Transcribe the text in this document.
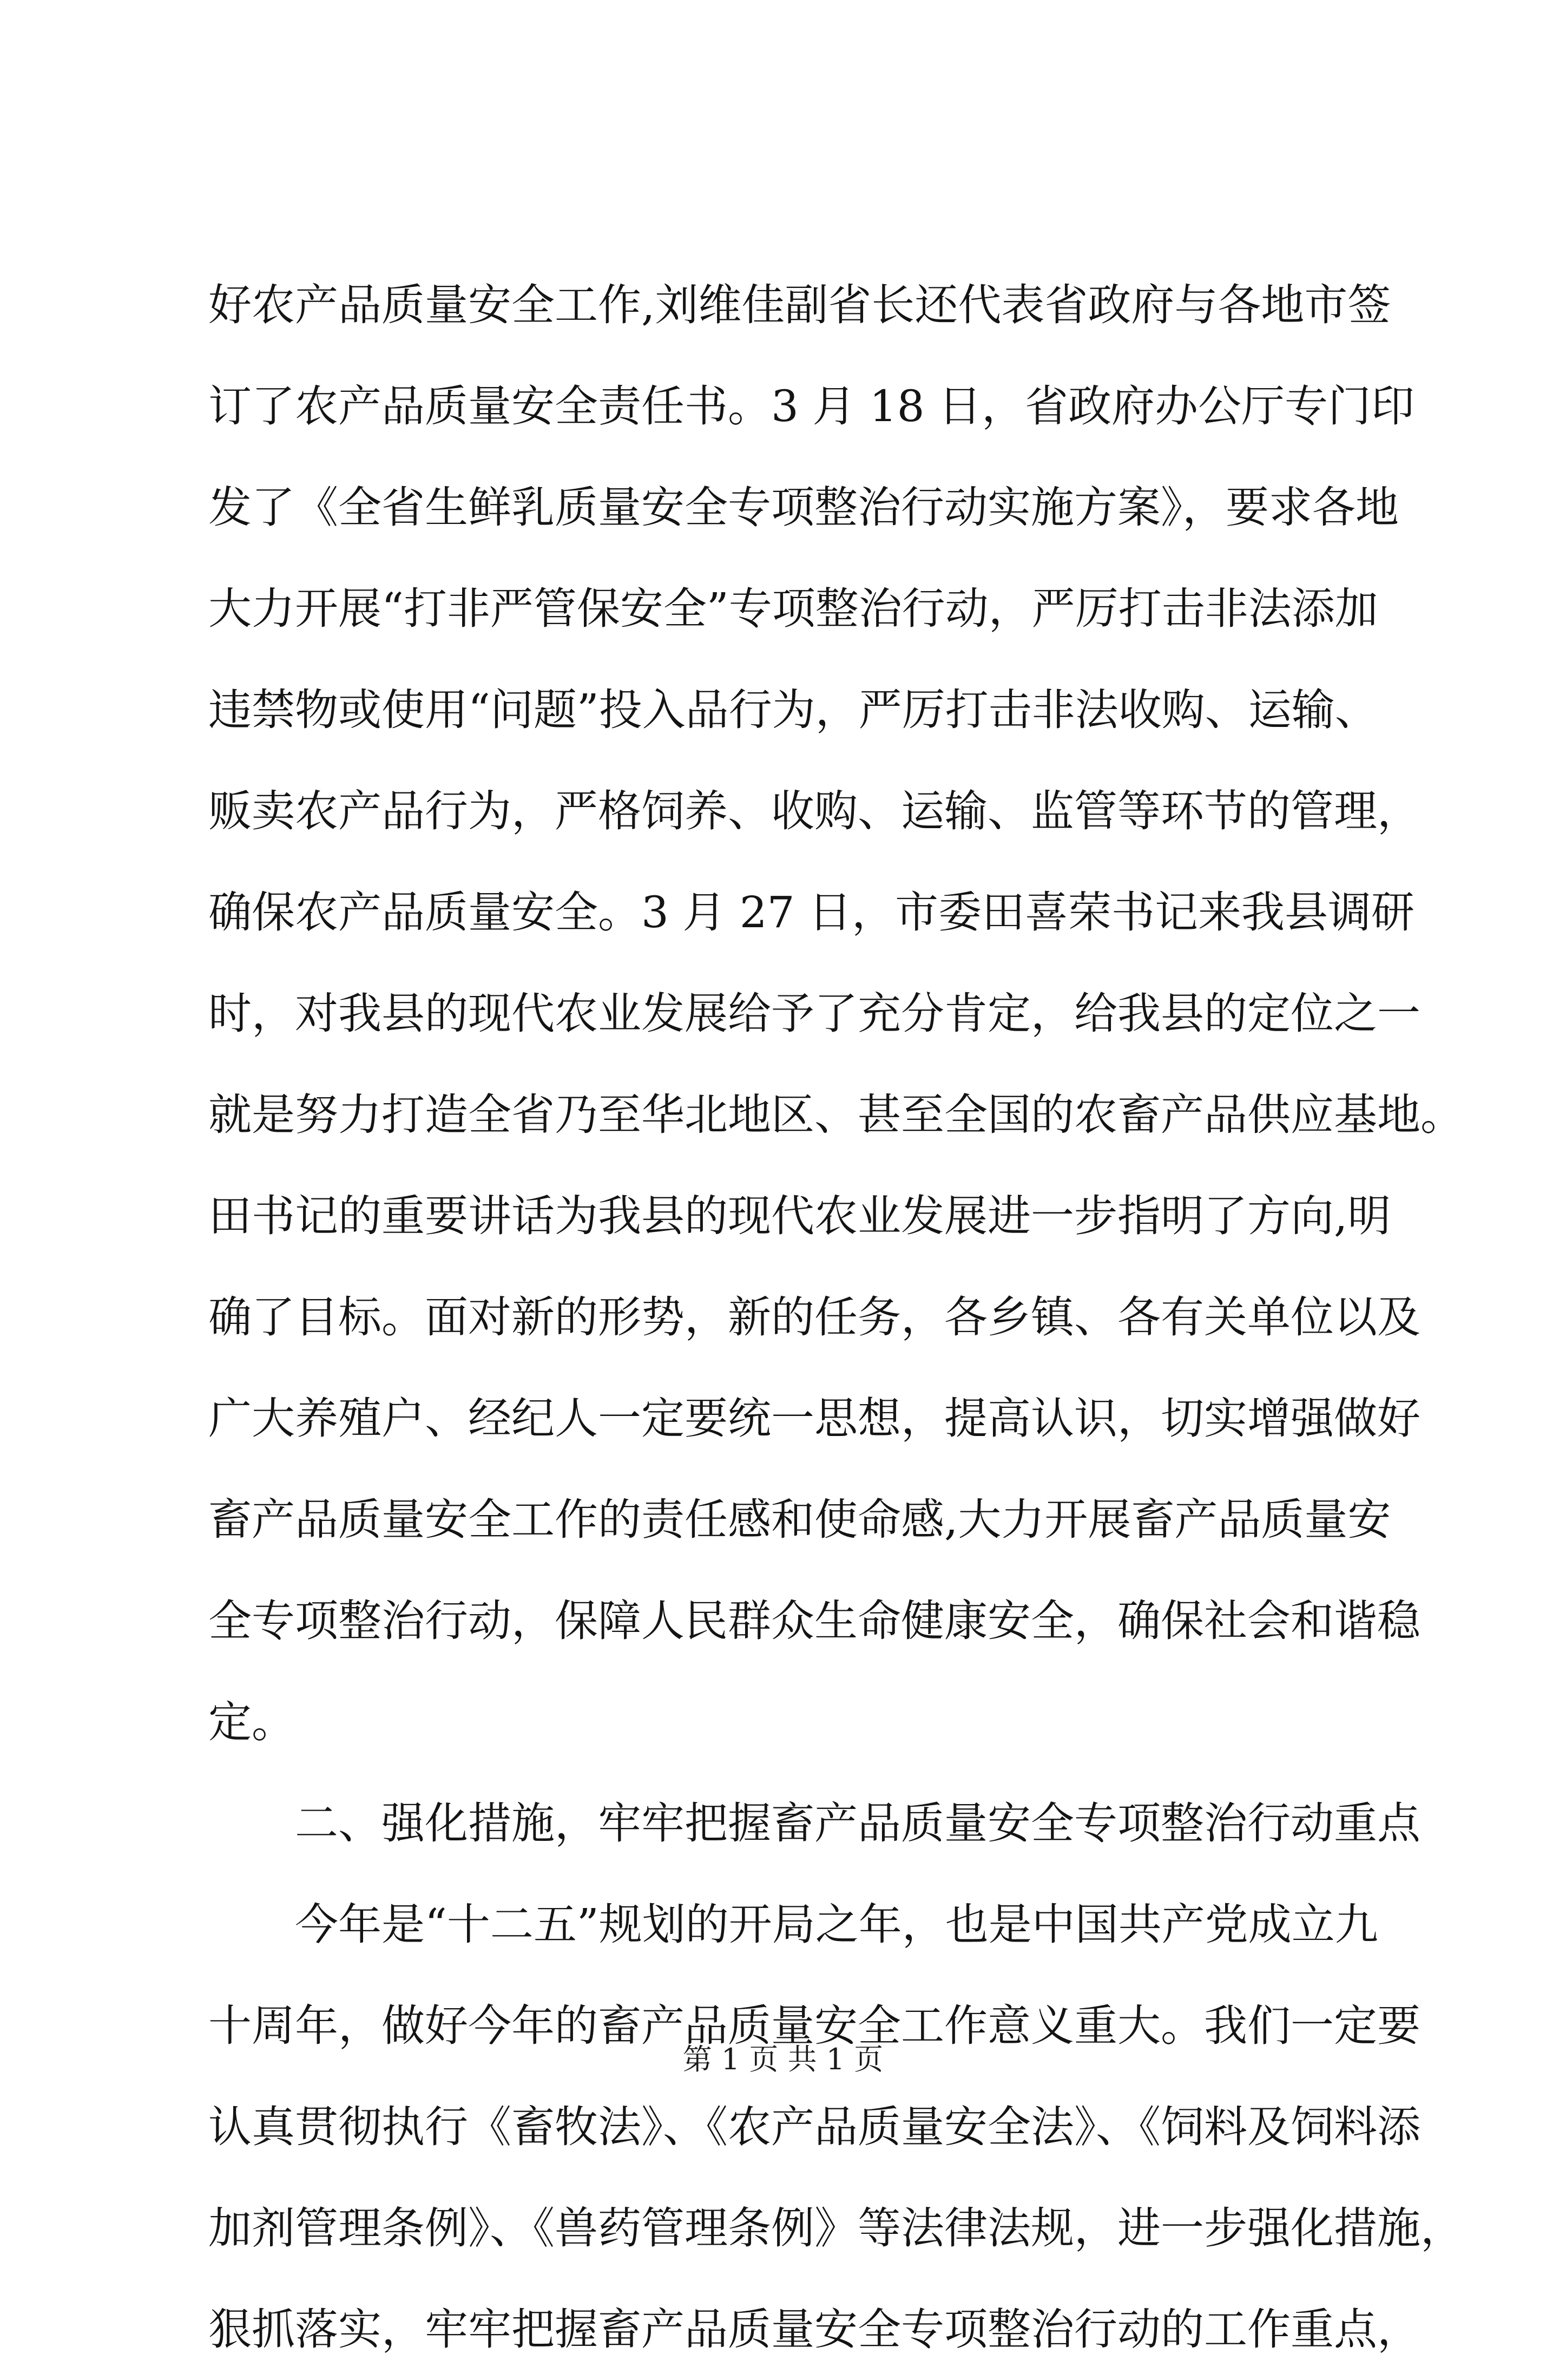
好农产品质量安全工作,刘维佳副省长还代表省政府与各地市签
订了农产品质量安全责任书。3 月 18 日，省政府办公厅专门印
发了《全省生鲜乳质量安全专项整治行动实施方案》，要求各地
大力开展“打非严管保安全”专项整治行动，严厉打击非法添加
违禁物或使用“问题”投入品行为，严厉打击非法收购、运输、
贩卖农产品行为，严格饲养、收购、运输、监管等环节的管理，
确保农产品质量安全。3 月 27 日，市委田喜荣书记来我县调研
时，对我县的现代农业发展给予了充分肯定，给我县的定位之一
就是努力打造全省乃至华北地区、甚至全国的农畜产品供应基地。
田书记的重要讲话为我县的现代农业发展进一步指明了方向,明
确了目标。面对新的形势，新的任务，各乡镇、各有关单位以及
广大养殖户、经纪人一定要统一思想，提高认识，切实增强做好
畜产品质量安全工作的责任感和使命感,大力开展畜产品质量安
全专项整治行动，保障人民群众生命健康安全，确保社会和谐稳
定。
二、强化措施，牢牢把握畜产品质量安全专项整治行动重点
今年是“十二五”规划的开局之年，也是中国共产党成立九
十周年，做好今年的畜产品质量安全工作意义重大。我们一定要
认真贯彻执行《畜牧法》、《农产品质量安全法》、《饲料及饲料添
加剂管理条例》、《兽药管理条例》等法律法规，进一步强化措施，
狠抓落实，牢牢把握畜产品质量安全专项整治行动的工作重点，
第 1 页 共 1 页
